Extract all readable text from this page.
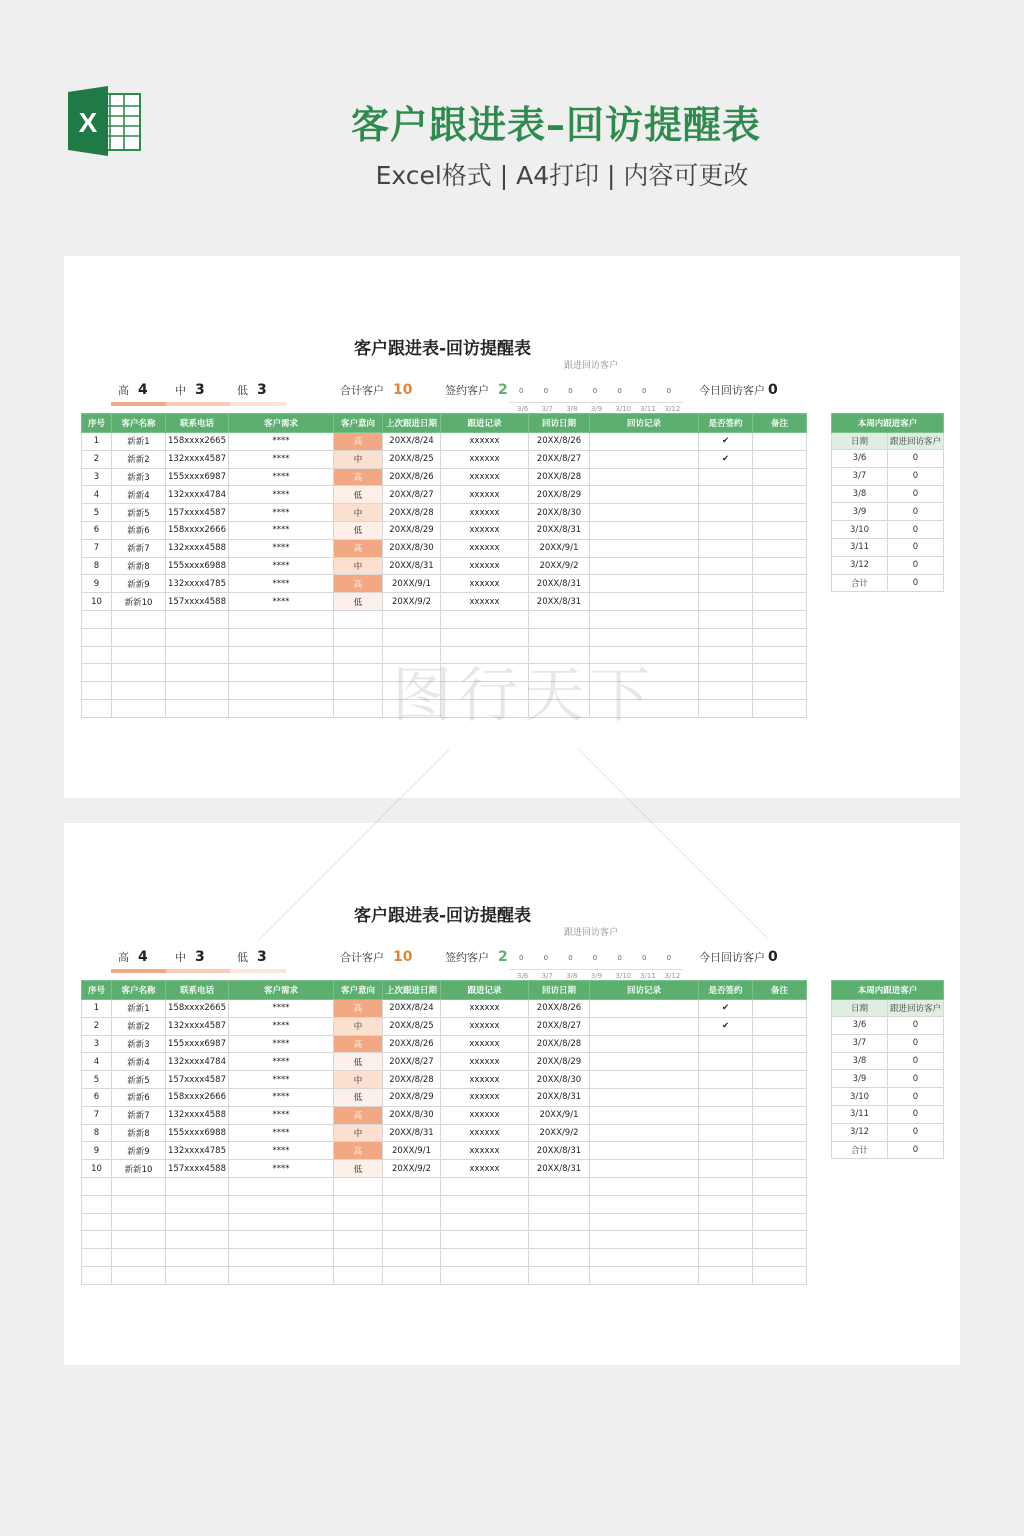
X	客户跟进表–回访提醒表
Excel格式 | A4打印 | 内容可更改
客户跟进表-回访提醒表
跟进回访客户
高 4 中 3	低 3	合计客户 10	签约客户 2	今日回访客户 0
0
3/6
0
3/7
0
3/8
0
3/9
0
3/10
0
3/11
0
3/12
序号	客户名称	联系电话	客户需求	客户意向	上次跟进日期	跟进记录	回访日期	回访记录	是否签约	备注
1	新新1	158xxxx2665	****	高	20XX/8/24	xxxxxx	20XX/8/26		✔	
2	新新2	132xxxx4587	****	中	20XX/8/25	xxxxxx	20XX/8/27		✔	
3	新新3	155xxxx6987	****	高	20XX/8/26	xxxxxx	20XX/8/28			
4	新新4	132xxxx4784	****	低	20XX/8/27	xxxxxx	20XX/8/29			
5	新新5	157xxxx4587	****	中	20XX/8/28	xxxxxx	20XX/8/30			
6	新新6	158xxxx2666	****	低	20XX/8/29	xxxxxx	20XX/8/31			
7	新新7	132xxxx4588	****	高	20XX/8/30	xxxxxx	20XX/9/1			
8	新新8	155xxxx6988	****	中	20XX/8/31	xxxxxx	20XX/9/2			
9	新新9	132xxxx4785	****	高	20XX/9/1	xxxxxx	20XX/8/31			
10	新新10	157xxxx4588	****	低	20XX/9/2	xxxxxx	20XX/8/31			

本周内跟进客户	
日期	跟进回访客户
3/6	0
3/7	0
3/8	0
3/9	0
3/10	0
3/11	0
3/12	0
合计	0
客户跟进表-回访提醒表
跟进回访客户
高 4 中 3	低 3	合计客户 10	签约客户 2	今日回访客户 0
0
3/6
0
3/7
0
3/8
0
3/9
0
3/10
0
3/11
0
3/12
序号	客户名称	联系电话	客户需求	客户意向	上次跟进日期	跟进记录	回访日期	回访记录	是否签约	备注
1	新新1	158xxxx2665	****	高	20XX/8/24	xxxxxx	20XX/8/26		✔	
2	新新2	132xxxx4587	****	中	20XX/8/25	xxxxxx	20XX/8/27		✔	
3	新新3	155xxxx6987	****	高	20XX/8/26	xxxxxx	20XX/8/28			
4	新新4	132xxxx4784	****	低	20XX/8/27	xxxxxx	20XX/8/29			
5	新新5	157xxxx4587	****	中	20XX/8/28	xxxxxx	20XX/8/30			
6	新新6	158xxxx2666	****	低	20XX/8/29	xxxxxx	20XX/8/31			
7	新新7	132xxxx4588	****	高	20XX/8/30	xxxxxx	20XX/9/1			
8	新新8	155xxxx6988	****	中	20XX/8/31	xxxxxx	20XX/9/2			
9	新新9	132xxxx4785	****	高	20XX/9/1	xxxxxx	20XX/8/31			
10	新新10	157xxxx4588	****	低	20XX/9/2	xxxxxx	20XX/8/31			

本周内跟进客户	
日期	跟进回访客户
3/6	0
3/7	0
3/8	0
3/9	0
3/10	0
3/11	0
3/12	0
合计	0
图行天下
